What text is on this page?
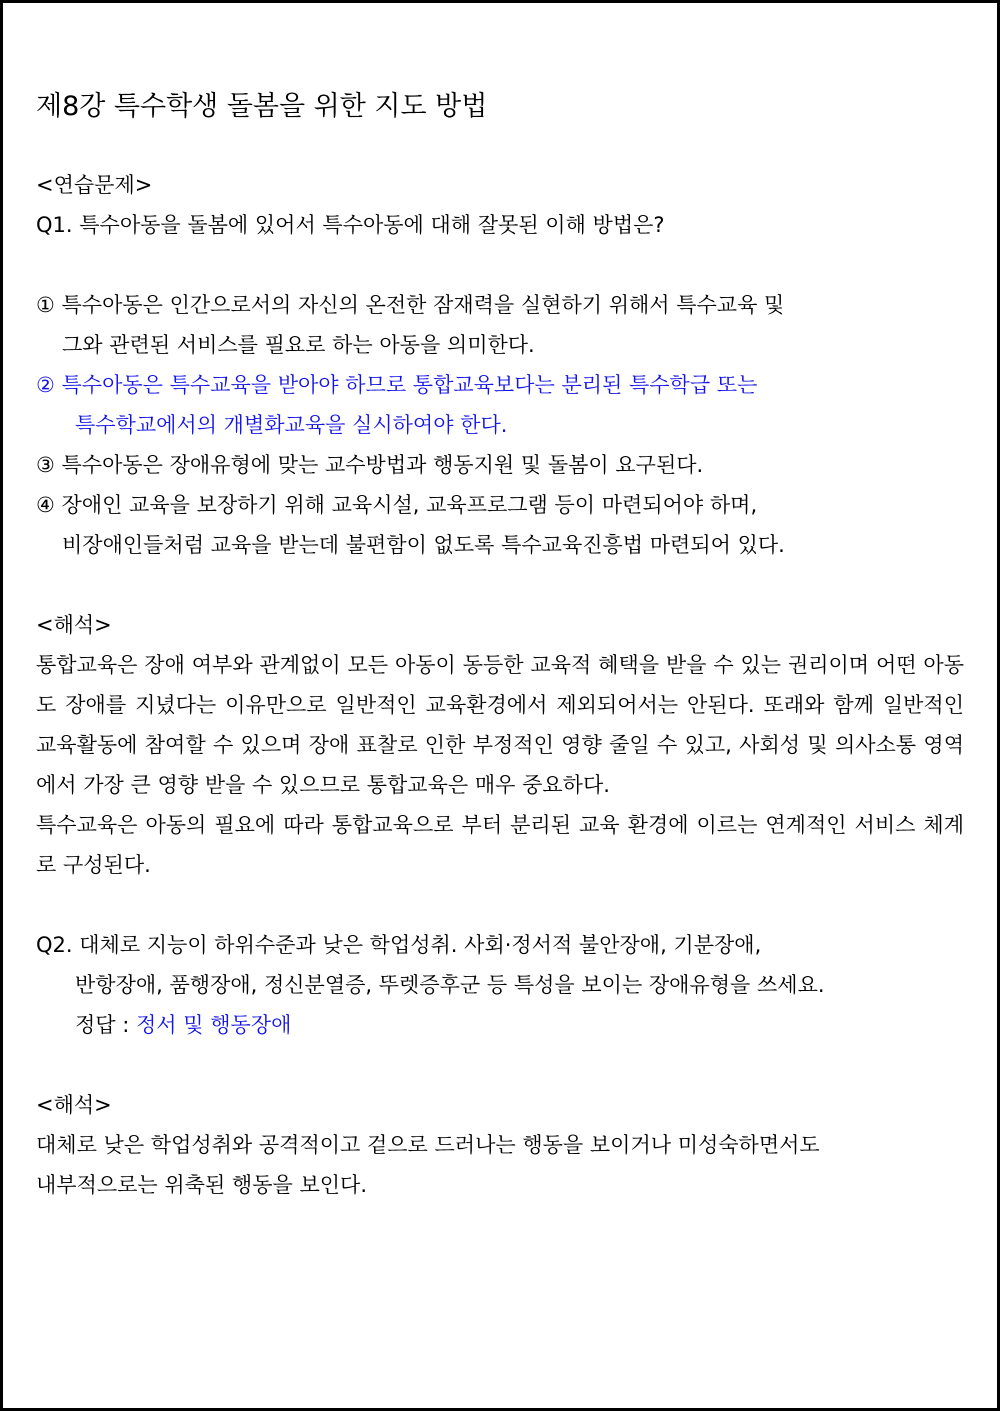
제8강 특수학생 돌봄을 위한 지도 방법

<연습문제>

Q1. 특수아동을 돌봄에 있어서 특수아동에 대해 잘못된 이해 방법은?

① 특수아동은 인간으로서의 자신의 온전한 잠재력을 실현하기 위해서 특수교육 및

그와 관련된 서비스를 필요로 하는 아동을 의미한다.

② 특수아동은 특수교육을 받아야 하므로 통합교육보다는 분리된 특수학급 또는

특수학교에서의 개별화교육을 실시하여야 한다.

③ 특수아동은 장애유형에 맞는 교수방법과 행동지원 및 돌봄이 요구된다.

④ 장애인 교육을 보장하기 위해 교육시설, 교육프로그램 등이 마련되어야 하며,

비장애인들처럼 교육을 받는데 불편함이 없도록 특수교육진흥법 마련되어 있다.

<해석>

통합교육은 장애 여부와 관계없이 모든 아동이 동등한 교육적 혜택을 받을 수 있는 권리이며 어떤 아동도 장애를 지녔다는 이유만으로 일반적인 교육환경에서 제외되어서는 안된다. 또래와 함께 일반적인 교육활동에 참여할 수 있으며 장애 표찰로 인한 부정적인 영향 줄일 수 있고, 사회성 및 의사소통 영역에서 가장 큰 영향 받을 수 있으므로 통합교육은 매우 중요하다.

특수교육은 아동의 필요에 따라 통합교육으로 부터 분리된 교육 환경에 이르는 연계적인 서비스 체계로 구성된다.

Q2. 대체로 지능이 하위수준과 낮은 학업성취. 사회·정서적 불안장애, 기분장애,

반항장애, 품행장애, 정신분열증, 뚜렛증후군 등 특성을 보이는 장애유형을 쓰세요.

정답 : 정서 및 행동장애

<해석>

대체로 낮은 학업성취와 공격적이고 겉으로 드러나는 행동을 보이거나 미성숙하면서도

내부적으로는 위축된 행동을 보인다.
